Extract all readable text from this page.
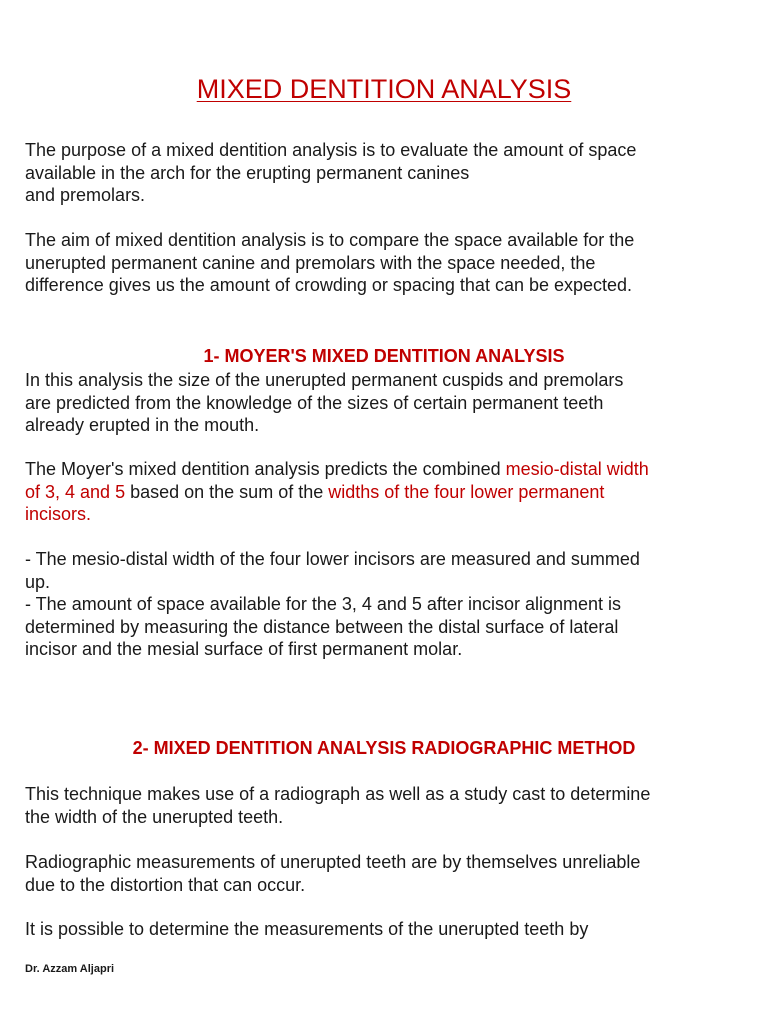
MIXED DENTITION ANALYSIS

The purpose of a mixed dentition analysis is to evaluate the amount of space
available in the arch for the erupting permanent canines
and premolars.

The aim of mixed dentition analysis is to compare the space available for the
unerupted permanent canine and premolars with the space needed, the
difference gives us the amount of crowding or spacing that can be expected.

1- MOYER'S MIXED DENTITION ANALYSIS

In this analysis the size of the unerupted permanent cuspids and premolars
are predicted from the knowledge of the sizes of certain permanent teeth
already erupted in the mouth.

The Moyer's mixed dentition analysis predicts the combined mesio-distal width
of 3, 4 and 5 based on the sum of the widths of the four lower permanent
incisors.

- The mesio-distal width of the four lower incisors are measured and summed
up.
- The amount of space available for the 3, 4 and 5 after incisor alignment is
determined by measuring the distance between the distal surface of lateral
incisor and the mesial surface of first permanent molar.

2- MIXED DENTITION ANALYSIS RADIOGRAPHIC METHOD

This technique makes use of a radiograph as well as a study cast to determine
the width of the unerupted teeth.

Radiographic measurements of unerupted teeth are by themselves unreliable
due to the distortion that can occur.

It is possible to determine the measurements of the unerupted teeth by

Dr. Azzam Aljapri
